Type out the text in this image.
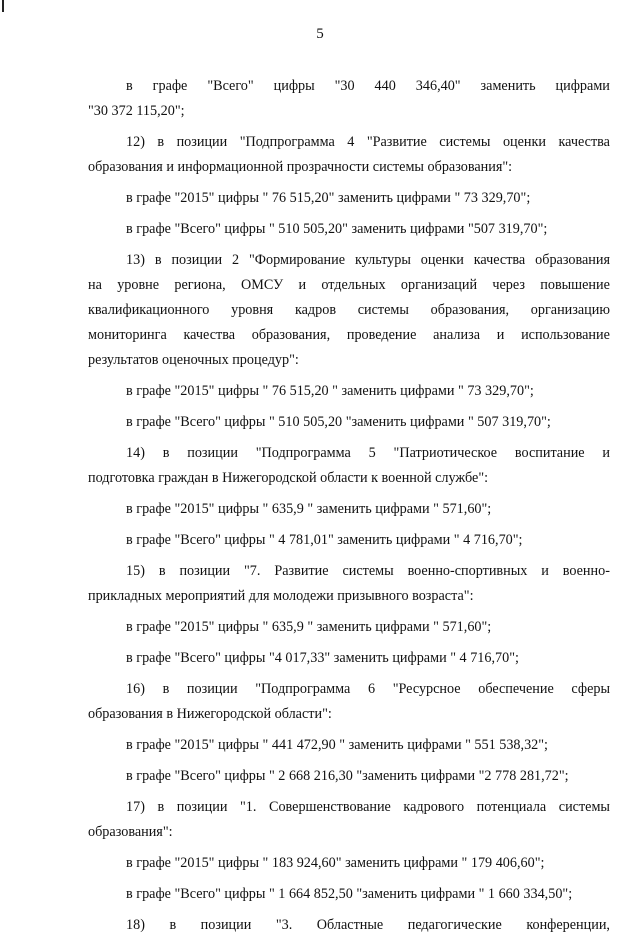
5
в графе "Всего" цифры "30 440 346,40" заменить цифрами
"30 372 115,20";
12) в позиции "Подпрограмма 4 "Развитие системы оценки качества
образования и информационной прозрачности системы образования":
в графе "2015" цифры " 76 515,20" заменить цифрами " 73 329,70";
в графе "Всего" цифры " 510 505,20" заменить цифрами "507 319,70";
13) в позиции 2 "Формирование культуры оценки качества образования
на уровне региона, ОМСУ и отдельных организаций через повышение
квалификационного уровня кадров системы образования, организацию
мониторинга качества образования, проведение анализа и использование
результатов оценочных процедур":
в графе "2015" цифры " 76 515,20 " заменить цифрами " 73 329,70";
в графе "Всего" цифры " 510 505,20 "заменить цифрами " 507 319,70";
14) в позиции "Подпрограмма 5 "Патриотическое воспитание и
подготовка граждан в Нижегородской области к военной службе":
в графе "2015" цифры " 635,9 " заменить цифрами " 571,60";
в графе "Всего" цифры " 4 781,01" заменить цифрами " 4 716,70";
15) в позиции "7. Развитие системы военно-спортивных и военно-
прикладных мероприятий для молодежи призывного возраста":
в графе "2015" цифры " 635,9 " заменить цифрами " 571,60";
в графе "Всего" цифры "4 017,33" заменить цифрами " 4 716,70";
16) в позиции "Подпрограмма 6 "Ресурсное обеспечение сферы
образования в Нижегородской области":
в графе "2015" цифры " 441 472,90 " заменить цифрами " 551 538,32";
в графе "Всего" цифры " 2 668 216,30 "заменить цифрами "2 778 281,72";
17) в позиции "1. Совершенствование кадрового потенциала системы
образования":
в графе "2015" цифры " 183 924,60" заменить цифрами " 179 406,60";
в графе "Всего" цифры " 1 664 852,50 "заменить цифрами " 1 660 334,50";
18) в позиции "3. Областные педагогические конференции,
